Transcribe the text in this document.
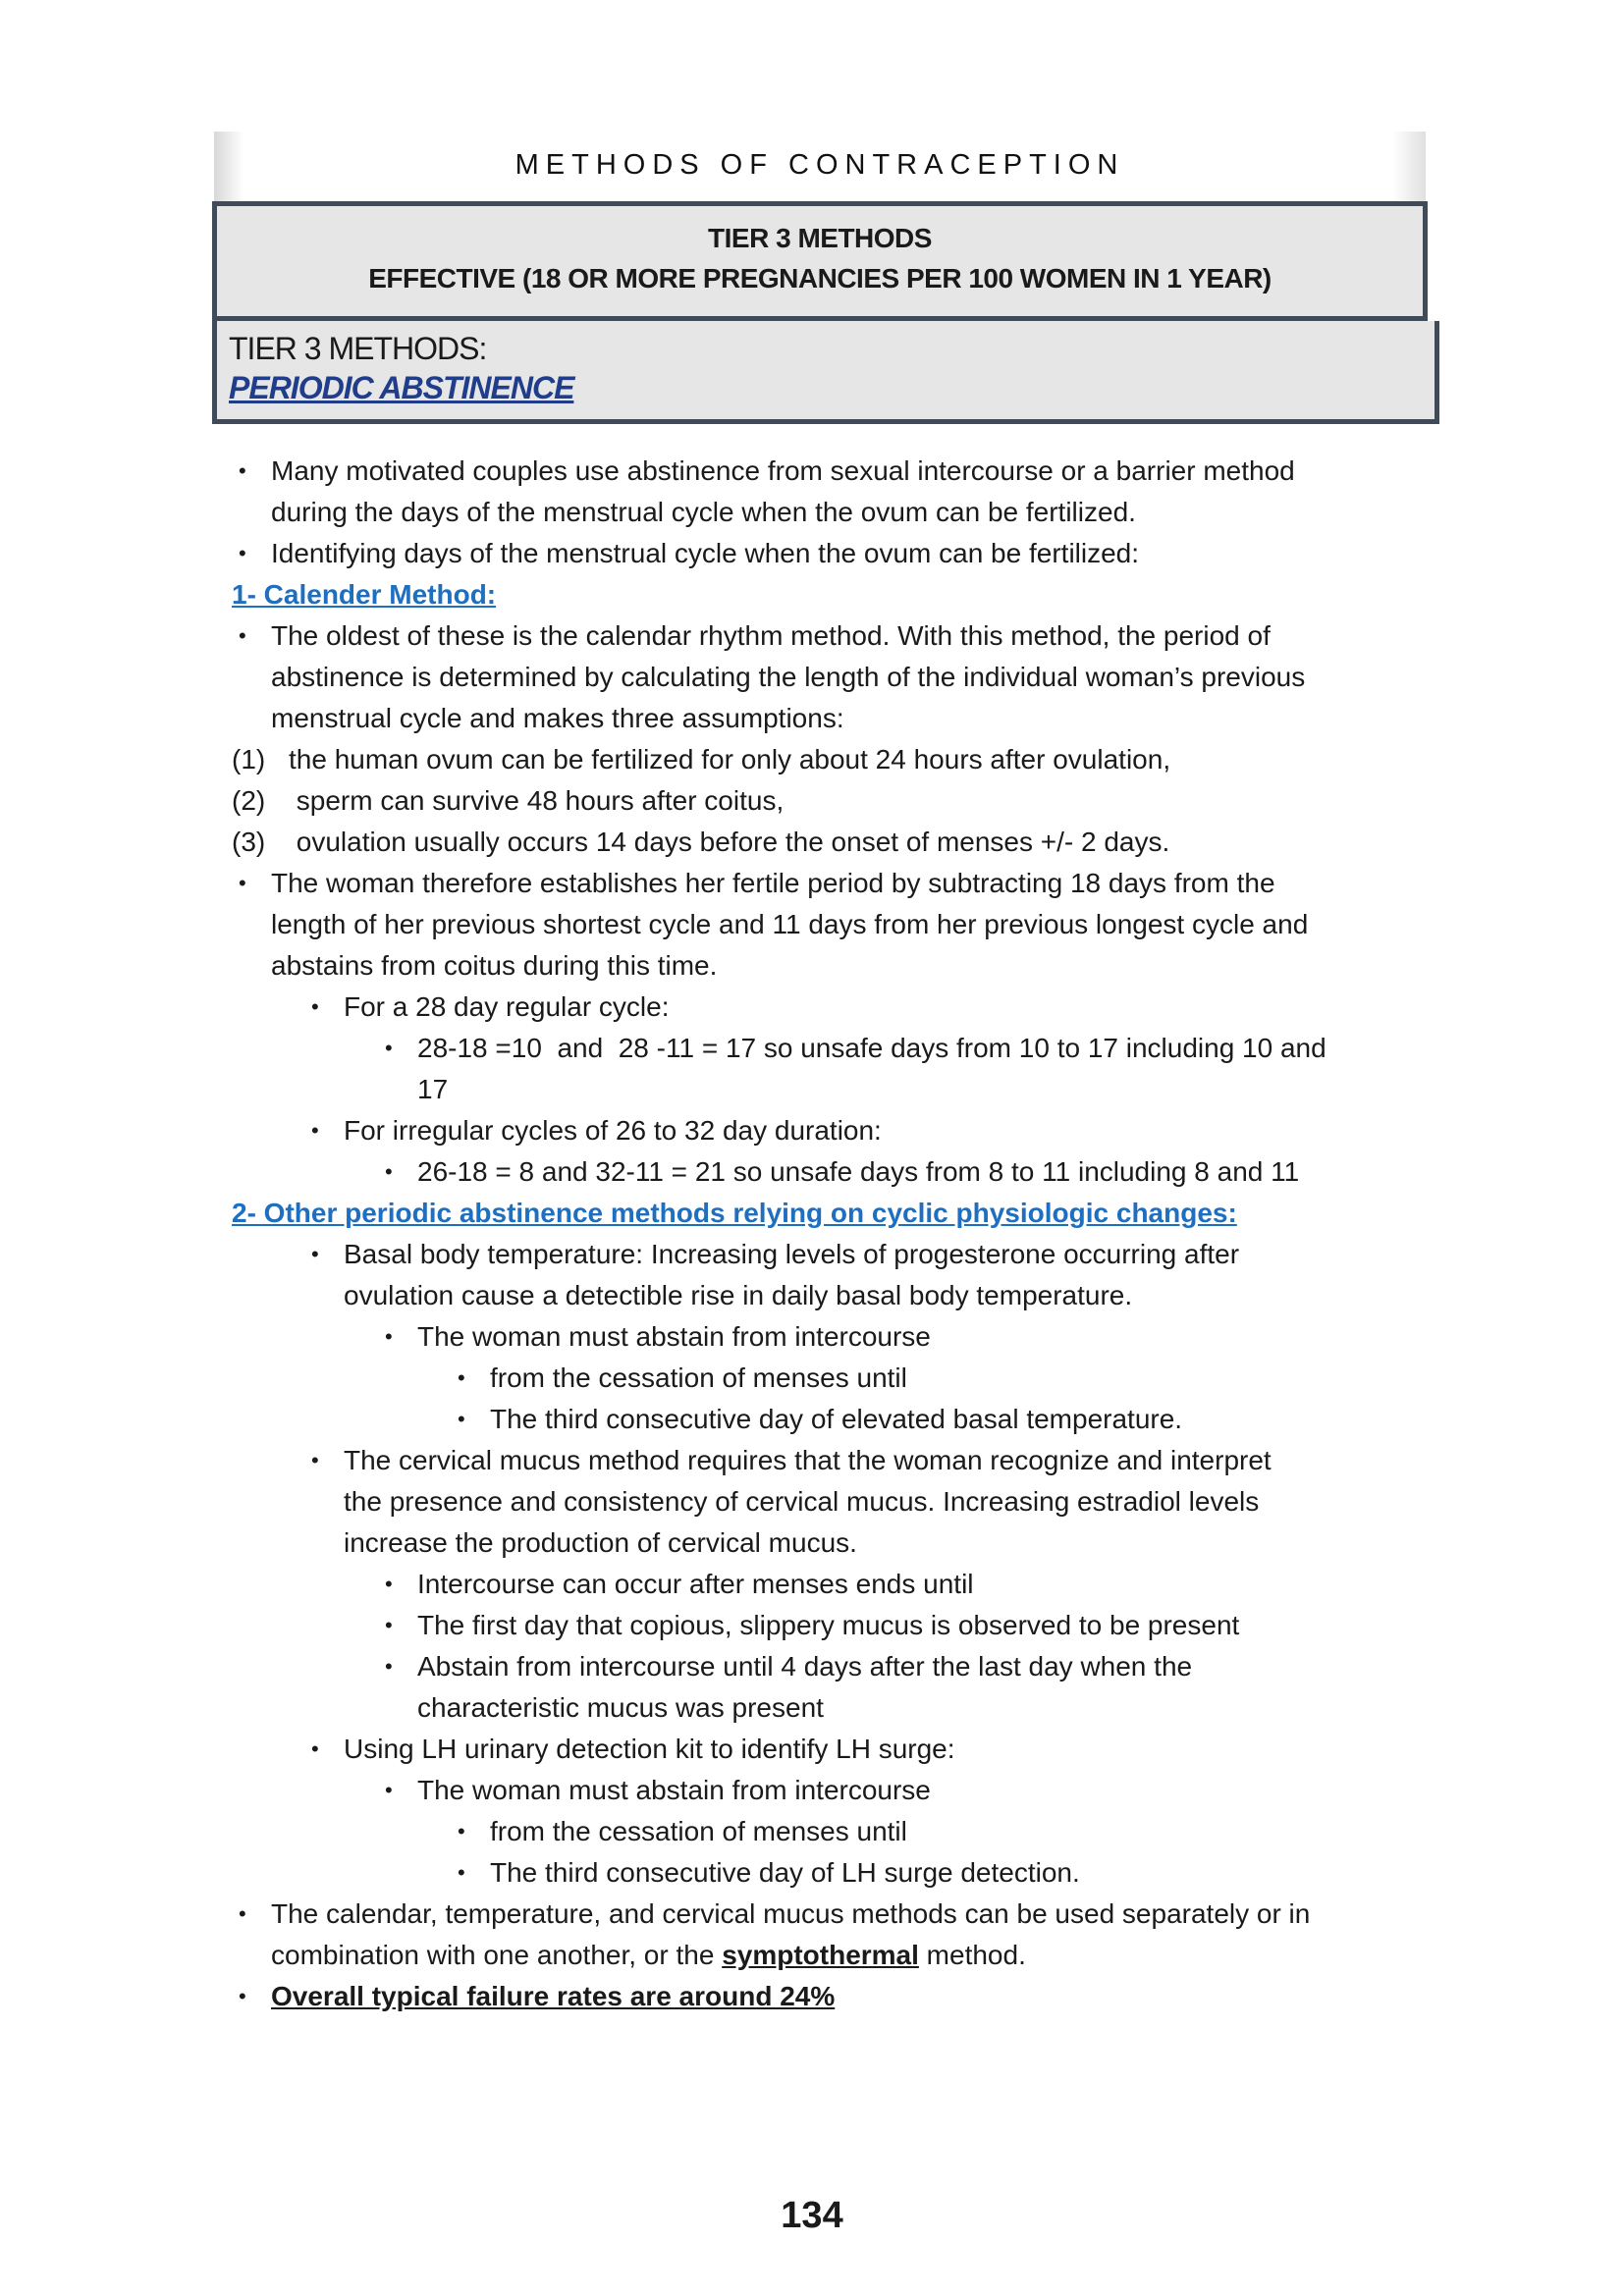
METHODS OF CONTRACEPTION
TIER 3 METHODS
EFFECTIVE (18 OR MORE PREGNANCIES PER 100 WOMEN IN 1 YEAR)
TIER 3 METHODS:
PERIODIC ABSTINENCE
• Many motivated couples use abstinence from sexual intercourse or a barrier method
during the days of the menstrual cycle when the ovum can be fertilized.
• Identifying days of the menstrual cycle when the ovum can be fertilized:
1- Calender Method:
• The oldest of these is the calendar rhythm method. With this method, the period of
abstinence is determined by calculating the length of the individual woman’s previous
menstrual cycle and makes three assumptions:
(1) the human ovum can be fertilized for only about 24 hours after ovulation,
(2) sperm can survive 48 hours after coitus,
(3) ovulation usually occurs 14 days before the onset of menses +/- 2 days.
• The woman therefore establishes her fertile period by subtracting 18 days from the
length of her previous shortest cycle and 11 days from her previous longest cycle and
abstains from coitus during this time.
• For a 28 day regular cycle:
• 28-18 =10  and  28 -11 = 17 so unsafe days from 10 to 17 including 10 and
17
• For irregular cycles of 26 to 32 day duration:
• 26-18 = 8 and 32-11 = 21 so unsafe days from 8 to 11 including 8 and 11
2- Other periodic abstinence methods relying on cyclic physiologic changes:
• Basal body temperature: Increasing levels of progesterone occurring after
ovulation cause a detectible rise in daily basal body temperature.
• The woman must abstain from intercourse
• from the cessation of menses until
• The third consecutive day of elevated basal temperature.
• The cervical mucus method requires that the woman recognize and interpret
the presence and consistency of cervical mucus. Increasing estradiol levels
increase the production of cervical mucus.
• Intercourse can occur after menses ends until
• The first day that copious, slippery mucus is observed to be present
• Abstain from intercourse until 4 days after the last day when the
characteristic mucus was present
• Using LH urinary detection kit to identify LH surge:
• The woman must abstain from intercourse
• from the cessation of menses until
• The third consecutive day of LH surge detection.
• The calendar, temperature, and cervical mucus methods can be used separately or in
combination with one another, or the symptothermal method.
• Overall typical failure rates are around 24%
134
